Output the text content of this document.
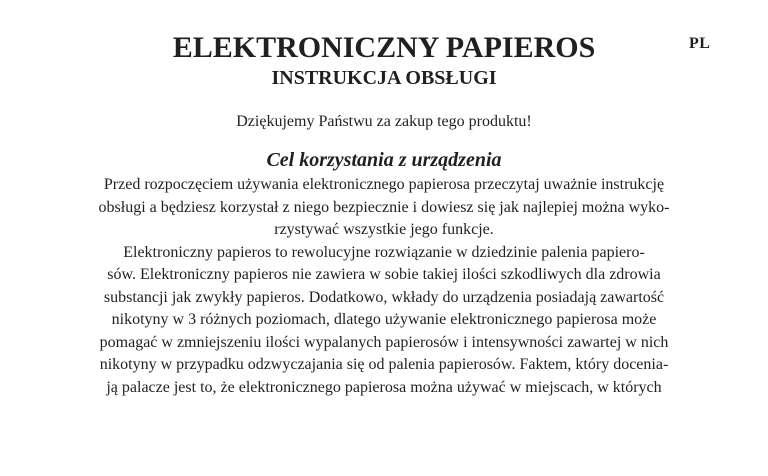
PL
ELEKTRONICZNY PAPIEROS
INSTRUKCJA OBSŁUGI
Dziękujemy Państwu za zakup tego produktu!
Cel korzystania z urządzenia
Przed rozpoczęciem używania elektronicznego papierosa przeczytaj uważnie instrukcję
obsługi a będziesz korzystał z niego bezpiecznie i dowiesz się jak najlepiej można wyko-
rzystywać wszystkie jego funkcje.
Elektroniczny papieros to rewolucyjne rozwiązanie w dziedzinie palenia papiero-
sów. Elektroniczny papieros nie zawiera w sobie takiej ilości szkodliwych dla zdrowia
substancji jak zwykły papieros. Dodatkowo, wkłady do urządzenia posiadają zawartość
nikotyny w 3 różnych poziomach, dlatego używanie elektronicznego papierosa może
pomagać w zmniejszeniu ilości wypalanych papierosów i intensywności zawartej w nich
nikotyny w przypadku odzwyczajania się od palenia papierosów. Faktem, który docenia-
ją palacze jest to, że elektronicznego papierosa można używać w miejscach, w których
